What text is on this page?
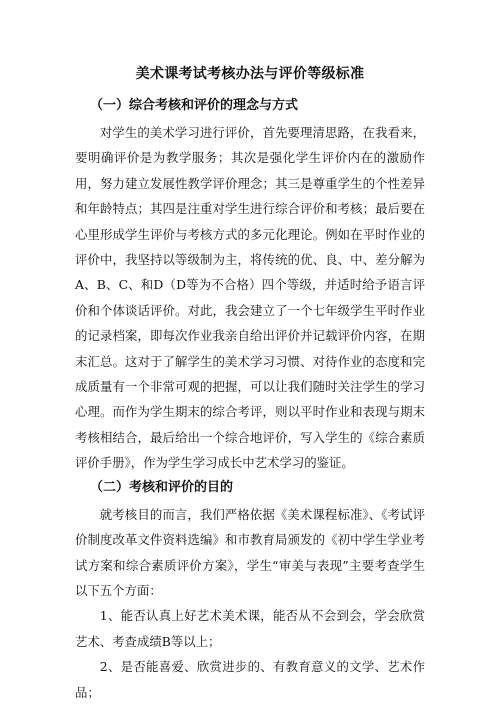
美术课考试考核办法与评价等级标准
（一）综合考核和评价的理念与方式

对学生的美术学习进行评价，首先要理清思路，在我看来，要明确评价是为教学服务；其次是强化学生评价内在的激励作用，努力建立发展性教学评价理念；其三是尊重学生的个性差异和年龄特点；其四是注重对学生进行综合评价和考核；最后要在心里形成学生评价与考核方式的多元化理论。例如在平时作业的评价中，我坚持以等级制为主，将传统的优、良、中、差分解为A、B、C、和D（D等为不合格）四个等级，并适时给予语言评价和个体谈话评价。对此，我会建立了一个七年级学生平时作业的记录档案，即每次作业我亲自给出评价并记载评价内容，在期末汇总。这对于了解学生的美术学习习惯、对待作业的态度和完成质量有一个非常可观的把握，可以让我们随时关注学生的学习心理。而作为学生期末的综合考评，则以平时作业和表现与期末考核相结合，最后给出一个综合地评价，写入学生的《综合素质评价手册》，作为学生学习成长中艺术学习的鉴证。

（二）考核和评价的目的

就考核目的而言，我们严格依据《美术课程标准》、《考试评价制度改革文件资料选编》和市教育局颁发的《初中学生学业考试方案和综合素质评价方案》，学生“审美与表现”主要考查学生以下五个方面：

1、能否认真上好艺术美术课，能否从不会到会，学会欣赏艺术、考查成绩B等以上；

2、是否能喜爱、欣赏进步的、有教育意义的文学、艺术作品；
